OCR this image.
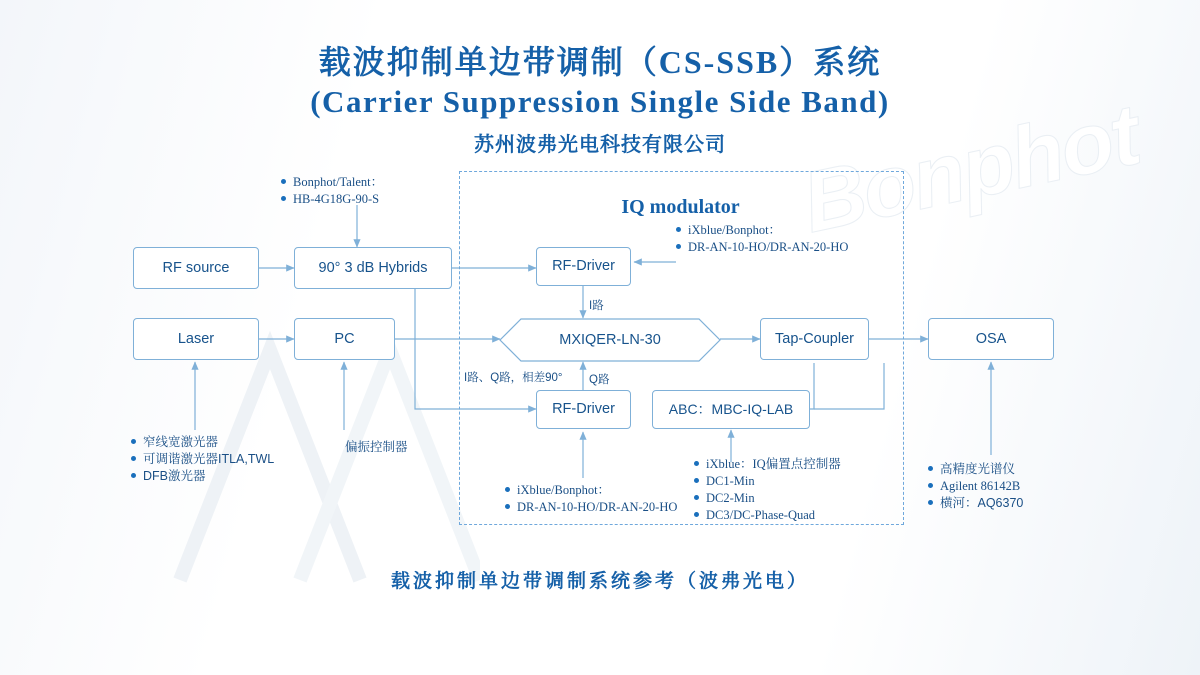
Bonphot
载波抑制单边带调制（CS-SSB）系统
(Carrier Suppression Single Side Band)
苏州波弗光电科技有限公司
IQ modulator
RF source	90° 3 dB Hybrids	RF-Driver
Laser	PC	MXIQER-LN-30	Tap-Coupler	OSA
RF-Driver	ABC：MBC-IQ-LAB
I路
I路、Q路，相差90° Q路
Bonphot/Talent：
HB-4G18G-90-S
iXblue/Bonphot：
DR-AN-10-HO/DR-AN-20-HO
窄线宽激光器
可调谐激光器ITLA,TWL
DFB激光器
偏振控制器
iXblue/Bonphot：
DR-AN-10-HO/DR-AN-20-HO
iXblue：IQ偏置点控制器
DC1-Min
DC2-Min
DC3/DC-Phase-Quad
高精度光谱仪
Agilent 86142B
横河：AQ6370
载波抑制单边带调制系统参考（波弗光电）
